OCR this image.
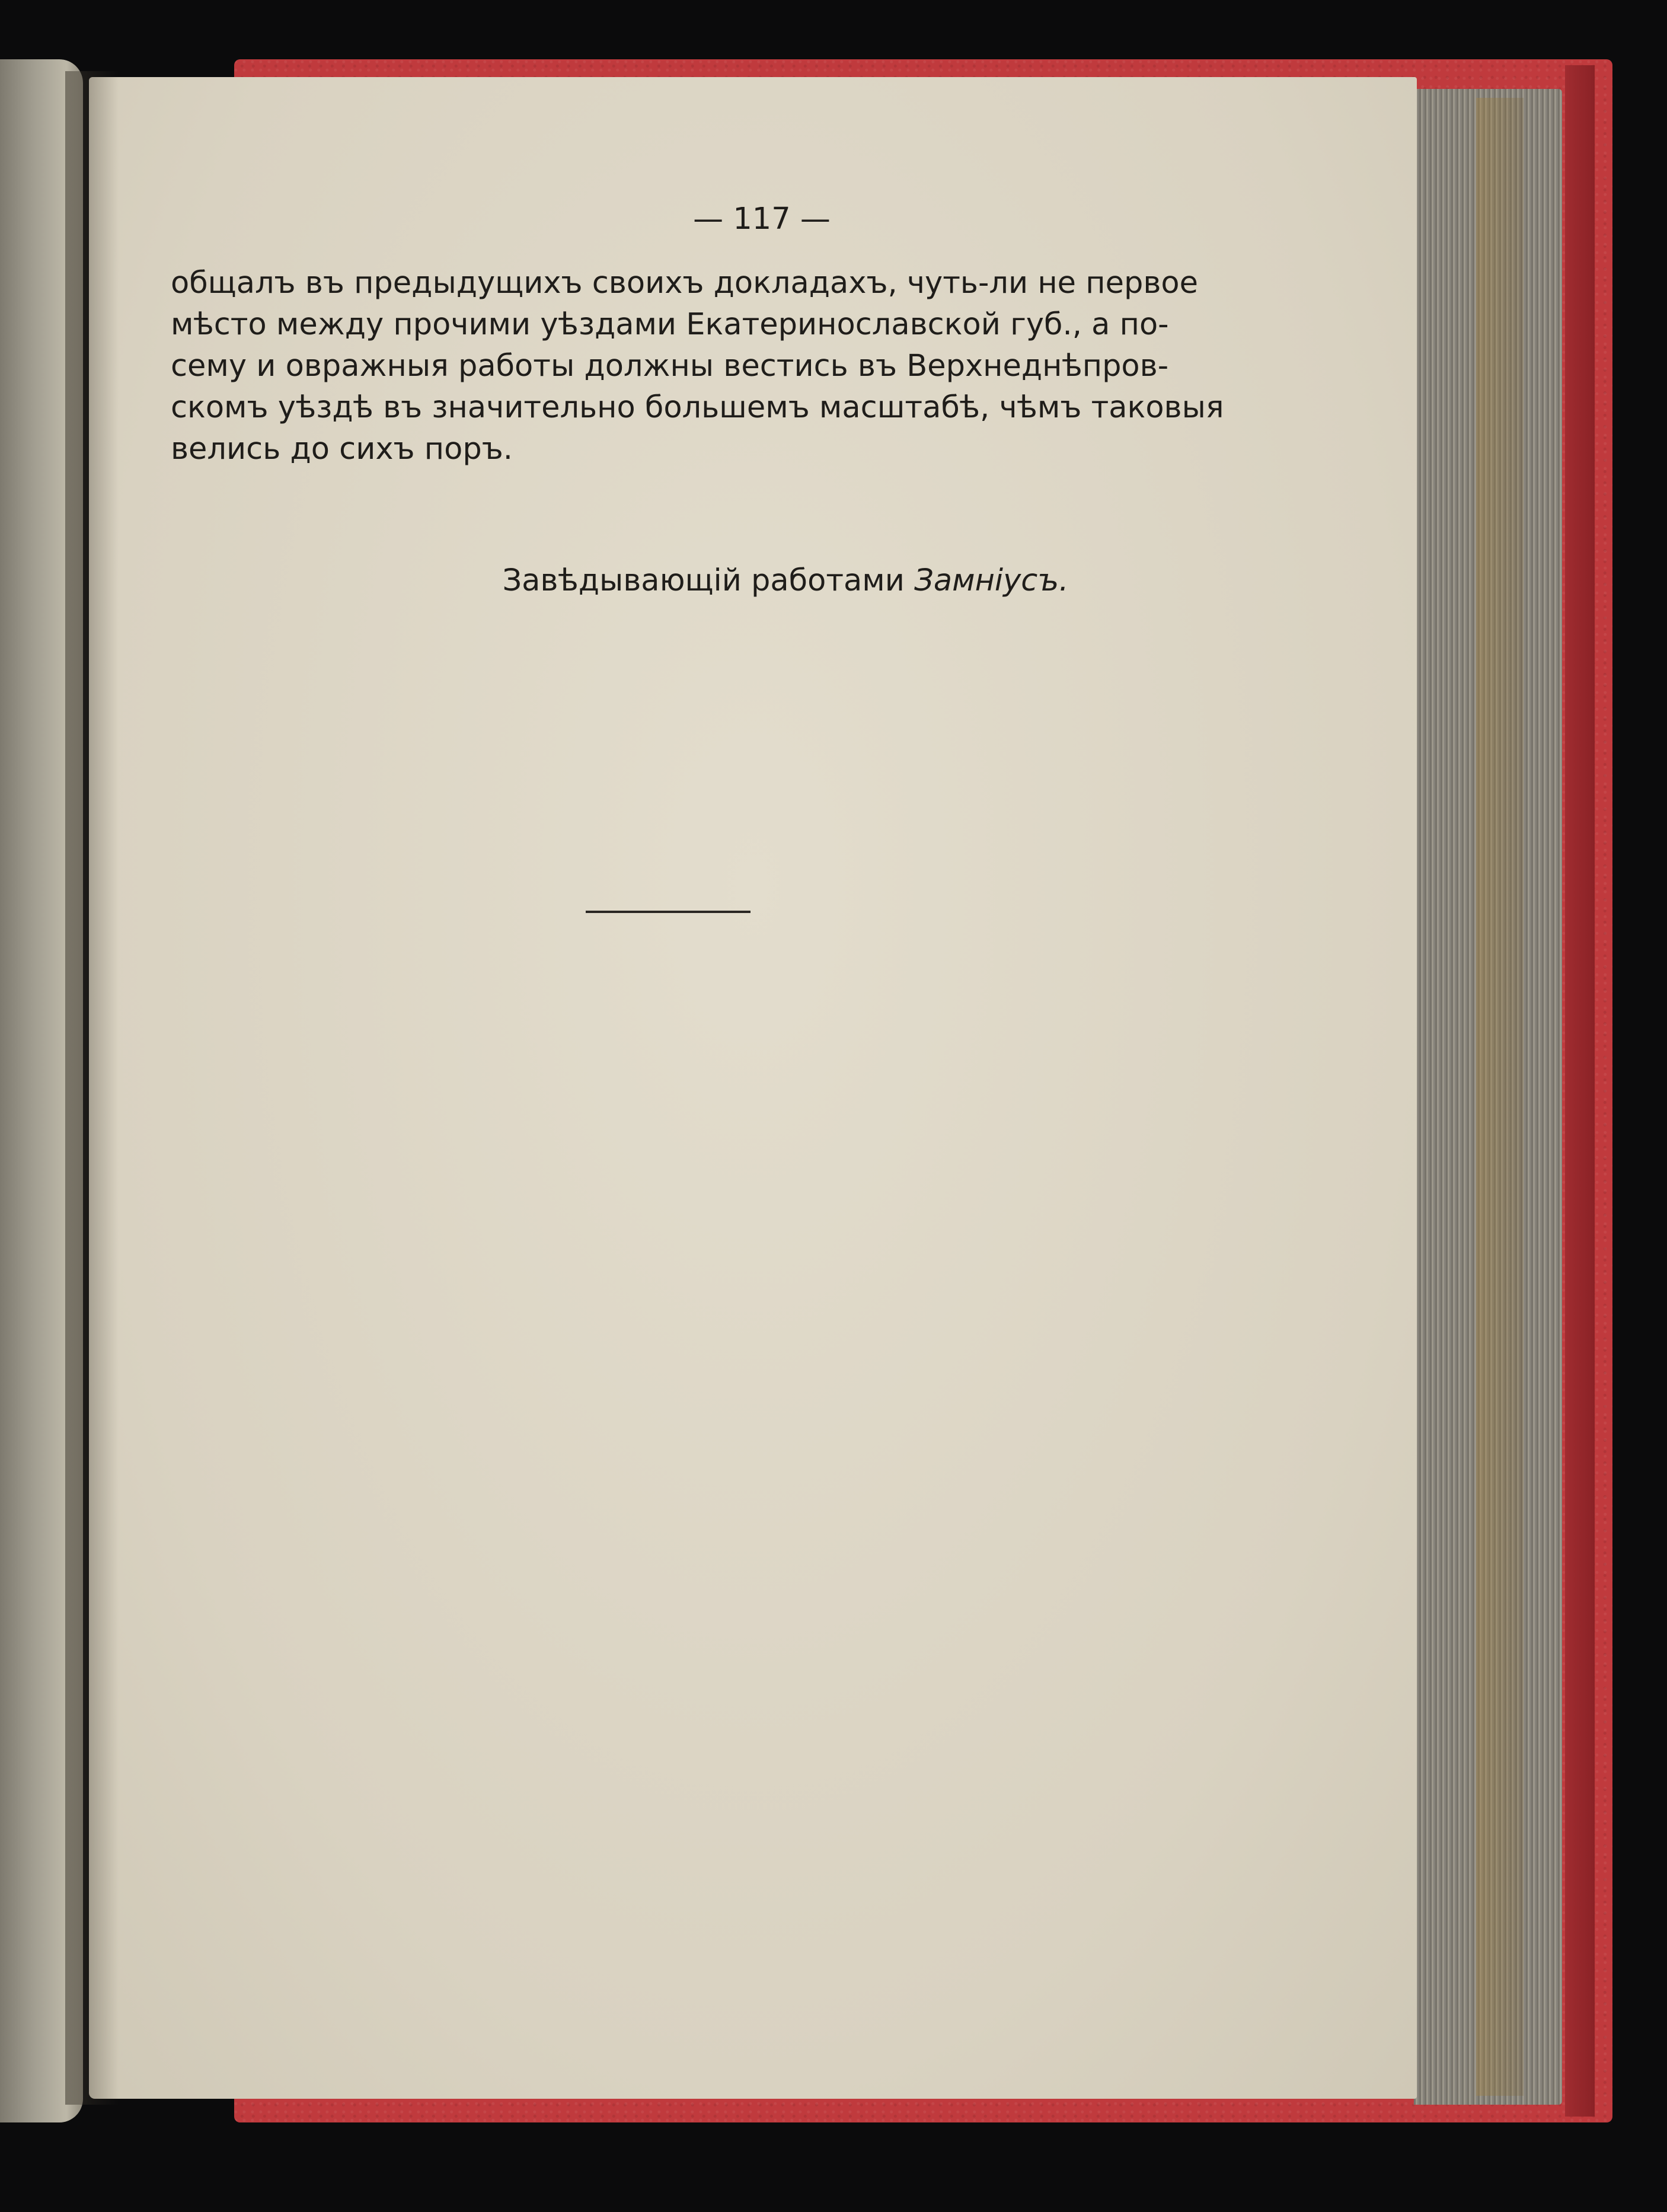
— 117 —
общалъ въ предыдущихъ своихъ докладахъ, чуть-ли не первое
мѣсто между прочими уѣздами Екатеринославской губ., а по-
сему и овражныя работы должны вестись въ Верхнеднѣпров-
скомъ уѣздѣ въ значительно большемъ масштабѣ, чѣмъ таковыя
велись до сихъ поръ.
Завѣдывающій работами Замніусъ.
